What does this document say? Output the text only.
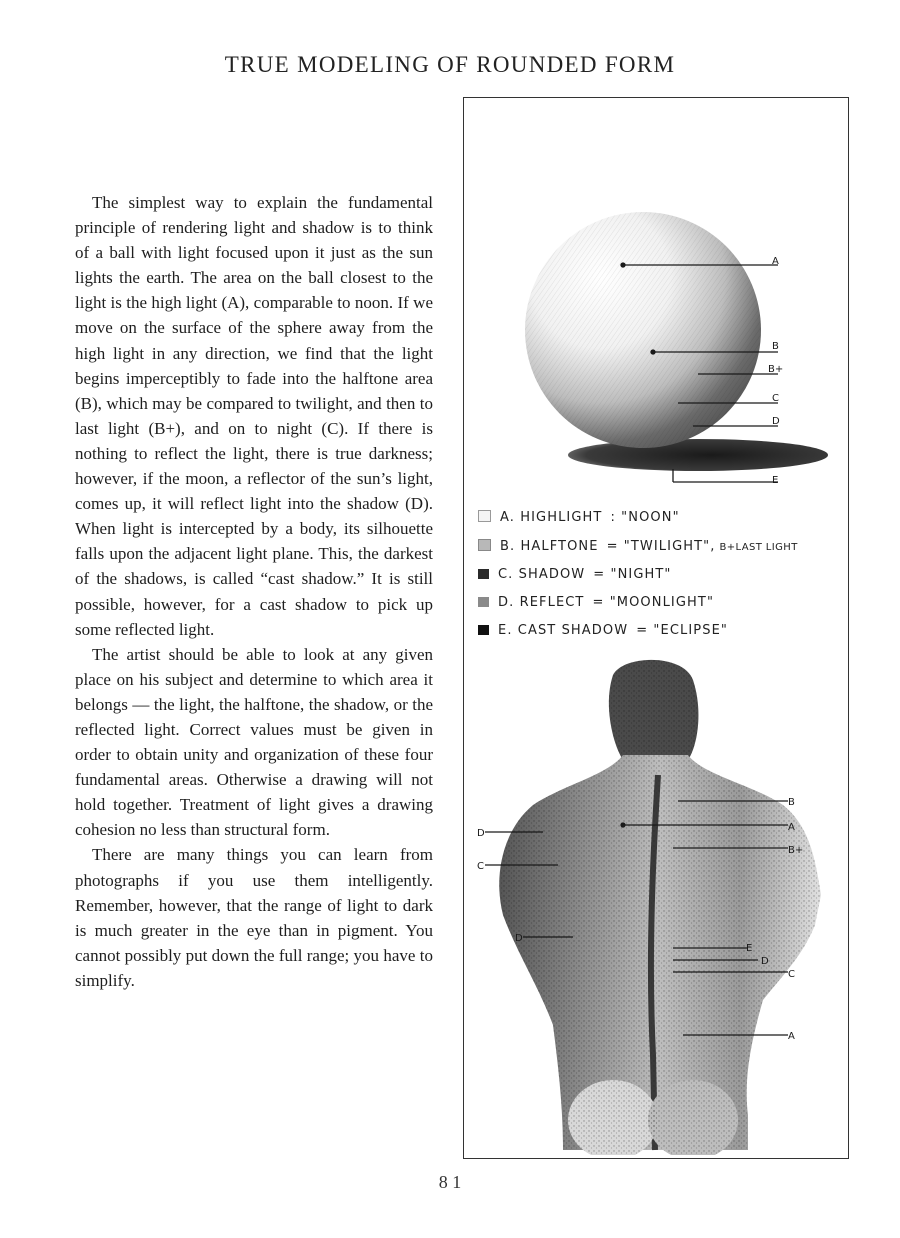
TRUE MODELING OF ROUNDED FORM

The simplest way to explain the fundamental principle of rendering light and shadow is to think of a ball with light focused upon it just as the sun lights the earth. The area on the ball closest to the light is the high light (A), comparable to noon. If we move on the surface of the sphere away from the high light in any direction, we find that the light begins imperceptibly to fade into the halftone area (B), which may be compared to twilight, and then to last light (B+), and on to night (C). If there is nothing to reflect the light, there is true darkness; however, if the moon, a reflector of the sun’s light, comes up, it will reflect light into the shadow (D). When light is intercepted by a body, its silhouette falls upon the adjacent light plane. This, the darkest of the shadows, is called “cast shadow.” It is still possible, however, for a cast shadow to pick up some reflected light.

The artist should be able to look at any given place on his subject and determine to which area it belongs — the light, the halftone, the shadow, or the reflected light. Correct values must be given in order to obtain unity and organization of these four fundamental areas. Otherwise a drawing will not hold together. Treatment of light gives a drawing cohesion no less than structural form.

There are many things you can learn from photographs if you use them intelligently. Remember, however, that the range of light to dark is much greater in the eye than in pigment. You cannot possibly put down the full range; you have to simplify.

A
B
B+
C
D
E
A. HIGHLIGHT : "NOON"
B. HALFTONE = "TWILIGHT", B+LAST LIGHT
C. SHADOW = "NIGHT"
D. REFLECT = "MOONLIGHT"
E. CAST SHADOW = "ECLIPSE"
B
A
B+
E
D
C
A
D
C
D
8 1
